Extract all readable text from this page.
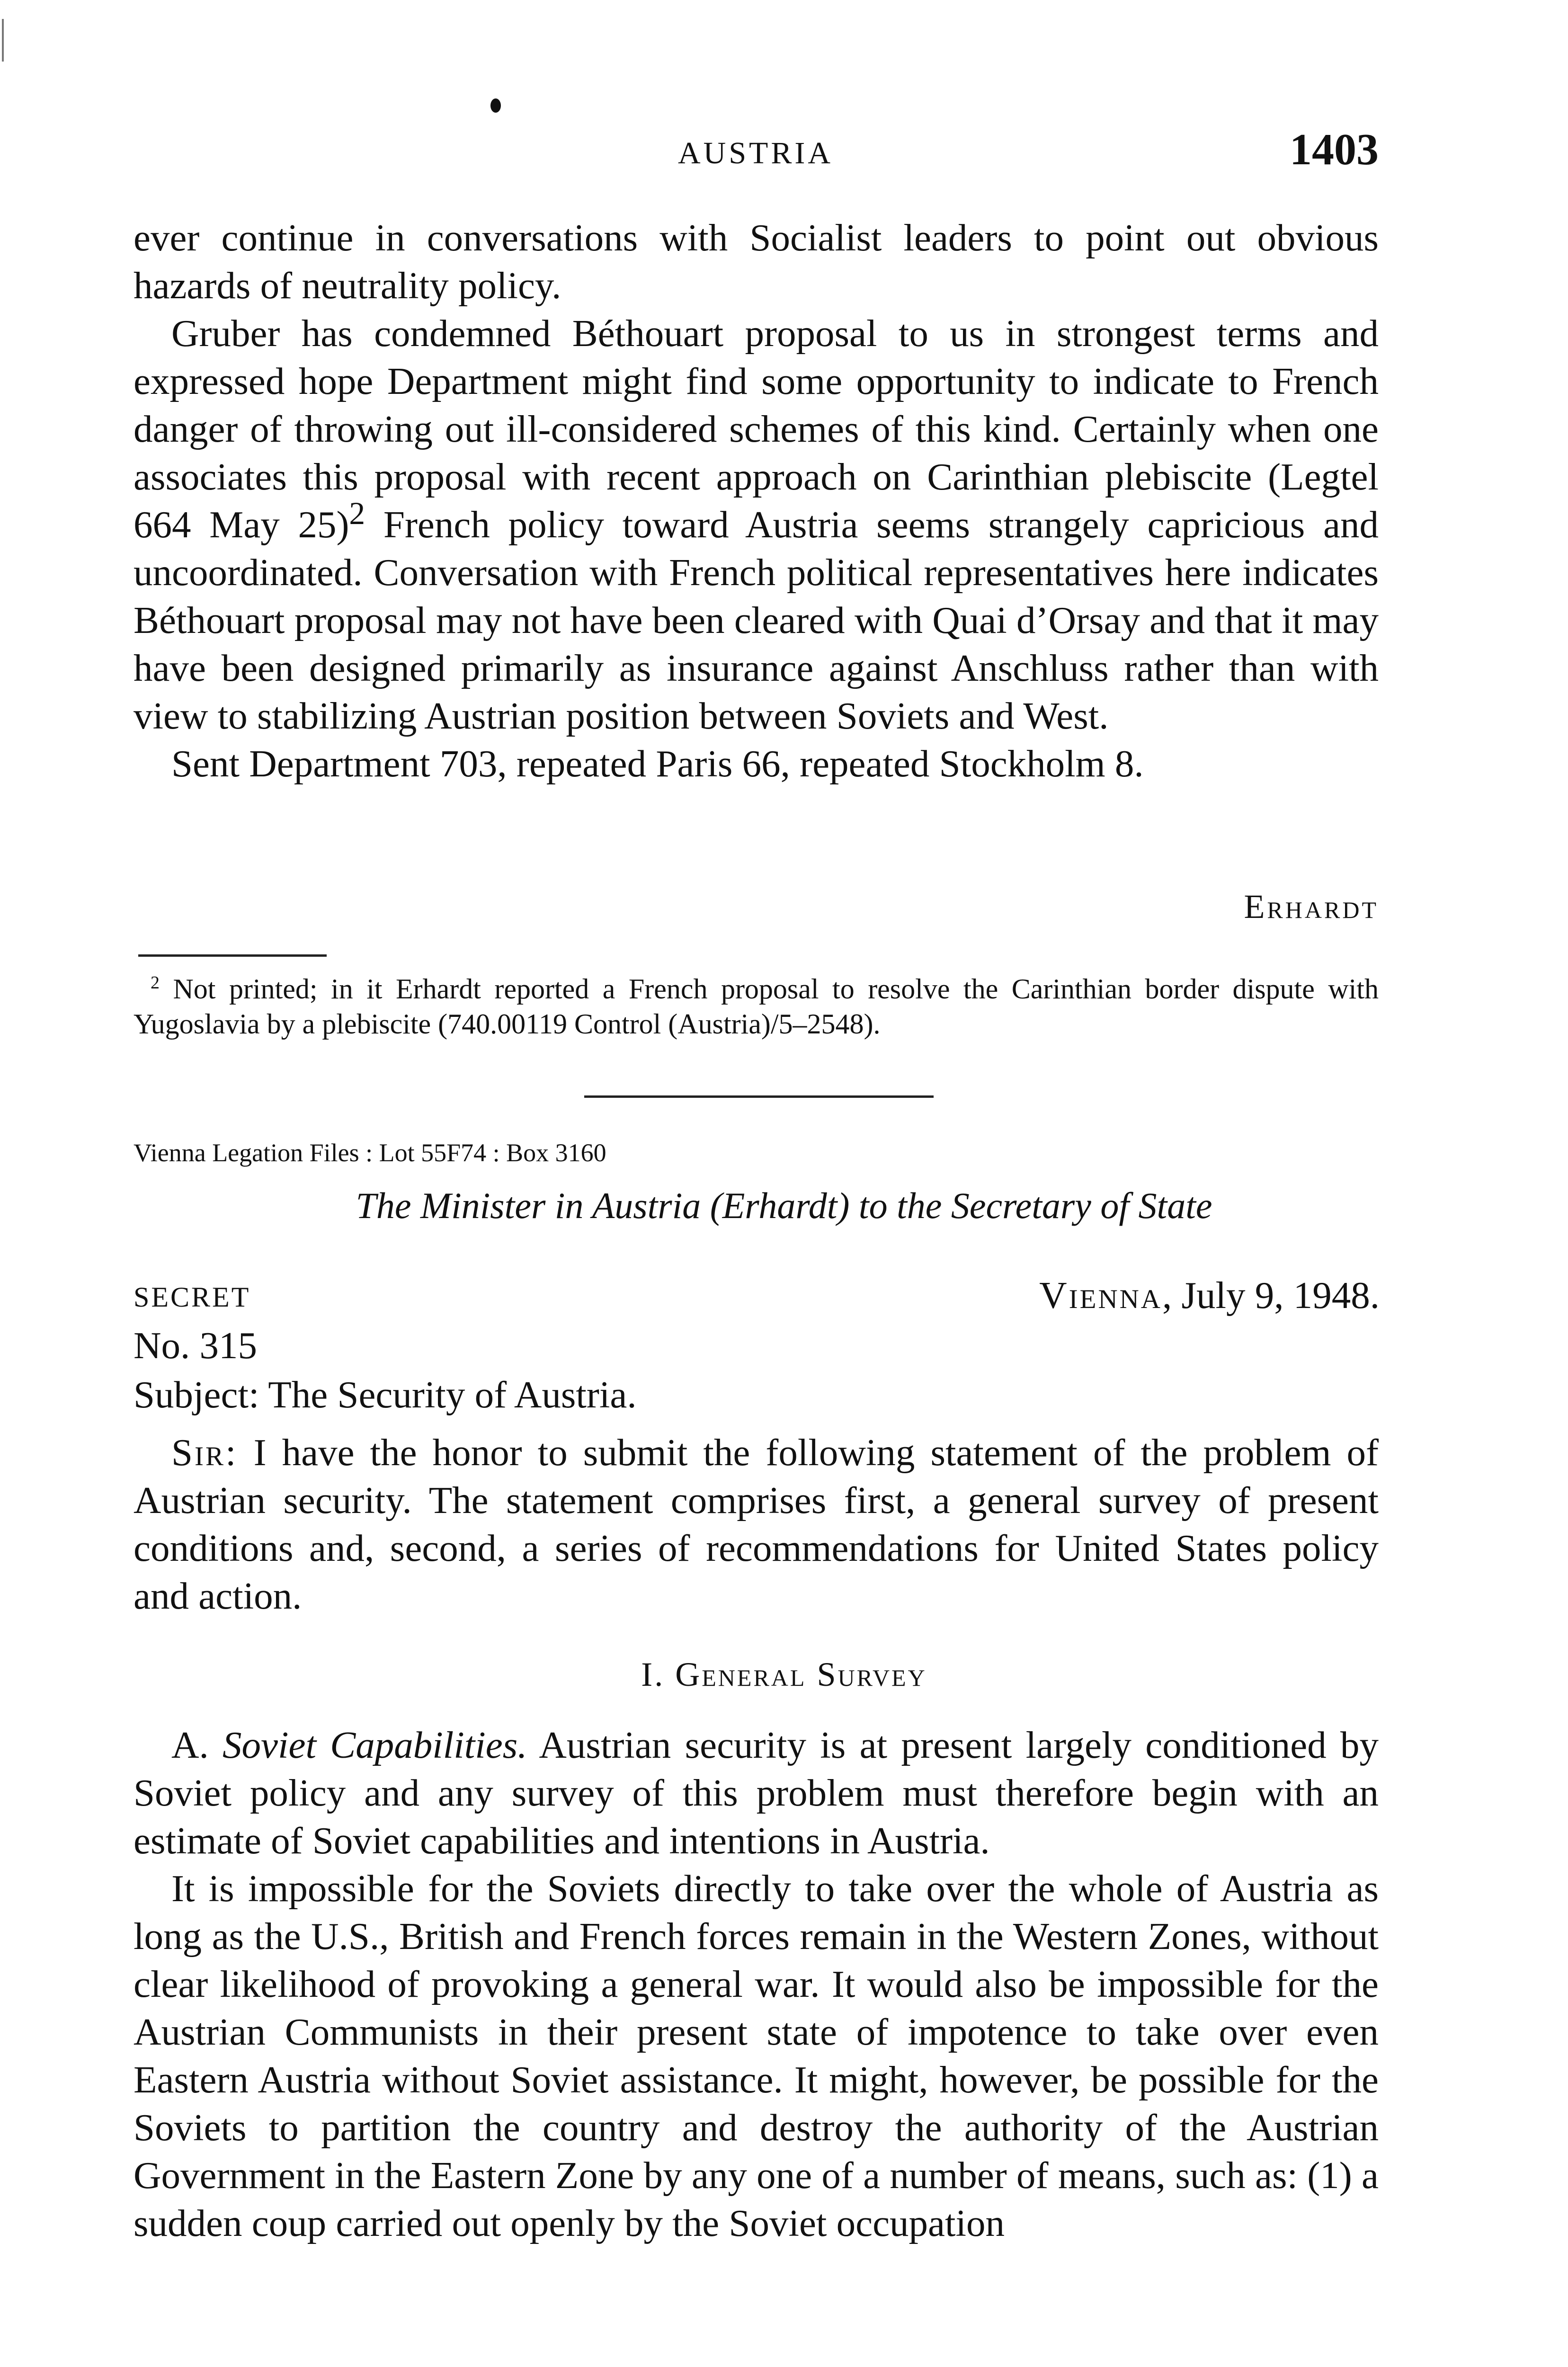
AUSTRIA	1403

ever continue in conversations with Socialist leaders to point out obvious hazards of neutrality policy.

Gruber has condemned Béthouart proposal to us in strongest terms and expressed hope Department might find some opportunity to indicate to French danger of throwing out ill-considered schemes of this kind. Certainly when one associates this proposal with recent approach on Carinthian plebiscite (Legtel 664 May 25)$^2$ French policy toward Austria seems strangely capricious and uncoordinated. Conversation with French political representatives here indicates Béthouart proposal may not have been cleared with Quai d’Orsay and that it may have been designed primarily as insurance against Anschluss rather than with view to stabilizing Austrian position between Soviets and West.

Sent Department 703, repeated Paris 66, repeated Stockholm 8.

Erhardt
$^2$ Not printed; in it Erhardt reported a French proposal to resolve the Carinthian border dispute with Yugoslavia by a plebiscite (740.00119 Control (Austria)/5–2548).
Vienna Legation Files : Lot 55F74 : Box 3160
The Minister in Austria (Erhardt) to the Secretary of State
SECRET	Vienna, July 9, 1948.
No. 315
Subject: The Security of Austria.

Sir: I have the honor to submit the following statement of the problem of Austrian security. The statement comprises first, a general survey of present conditions and, second, a series of recommendations for United States policy and action.

I. General Survey

A. Soviet Capabilities. Austrian security is at present largely conditioned by Soviet policy and any survey of this problem must therefore begin with an estimate of Soviet capabilities and intentions in Austria.

It is impossible for the Soviets directly to take over the whole of Austria as long as the U.S., British and French forces remain in the Western Zones, without clear likelihood of provoking a general war. It would also be impossible for the Austrian Communists in their present state of impotence to take over even Eastern Austria without Soviet assistance. It might, however, be possible for the Soviets to partition the country and destroy the authority of the Austrian Government in the Eastern Zone by any one of a number of means, such as: (1) a sudden coup carried out openly by the Soviet occupation
